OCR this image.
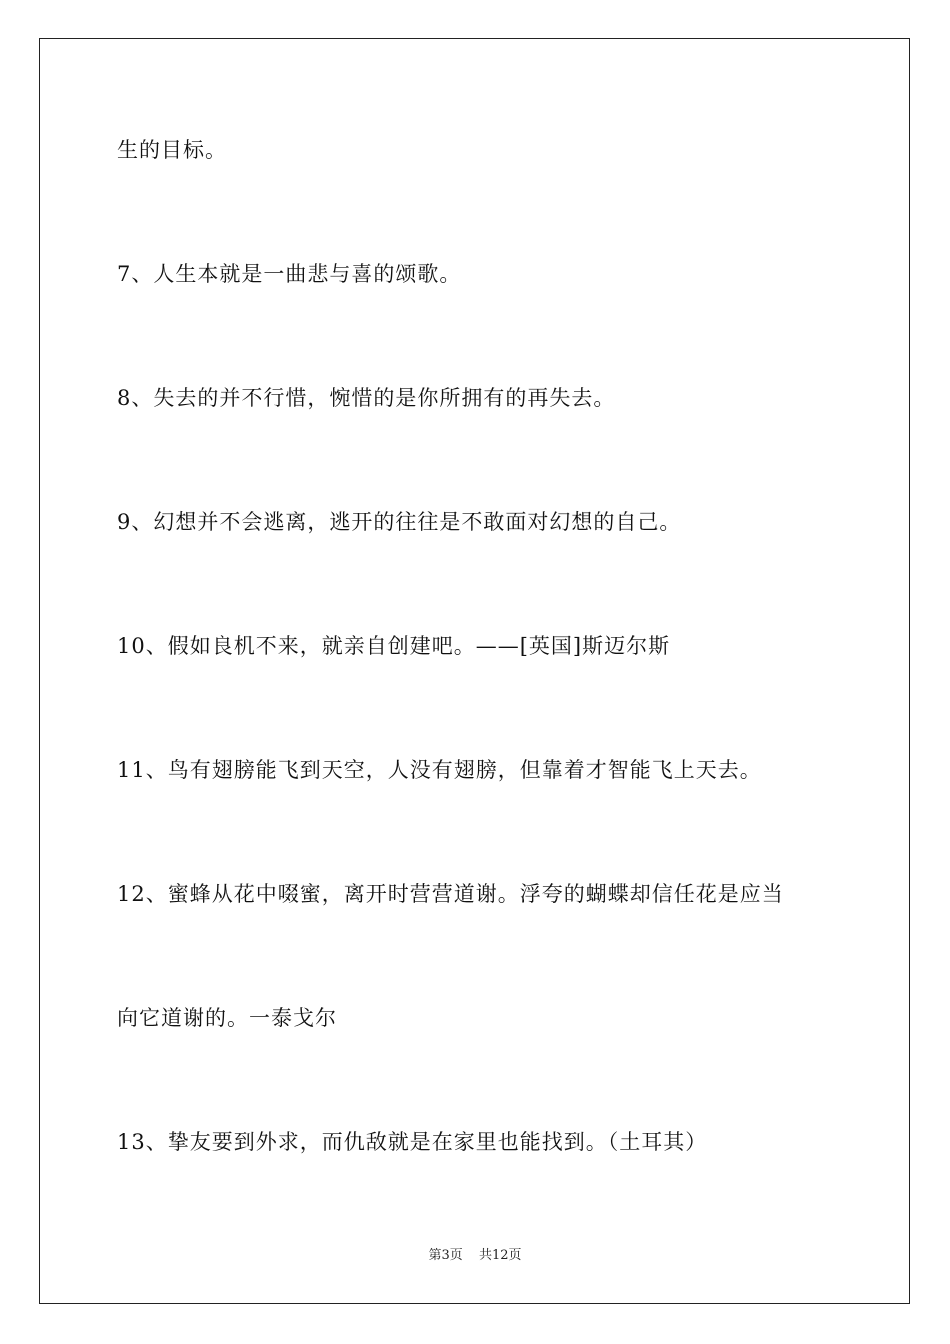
生的目标。
7、人生本就是一曲悲与喜的颂歌。
8、失去的并不行惜，惋惜的是你所拥有的再失去。
9、幻想并不会逃离，逃开的往往是不敢面对幻想的自己。
10、假如良机不来，就亲自创建吧。——[英国]斯迈尔斯
11、鸟有翅膀能飞到天空，人没有翅膀，但靠着才智能飞上天去。
12、蜜蜂从花中啜蜜，离开时营营道谢。浮夸的蝴蝶却信任花是应当
向它道谢的。一泰戈尔
13、挚友要到外求，而仇敌就是在家里也能找到。（土耳其）
第3页 共12页
